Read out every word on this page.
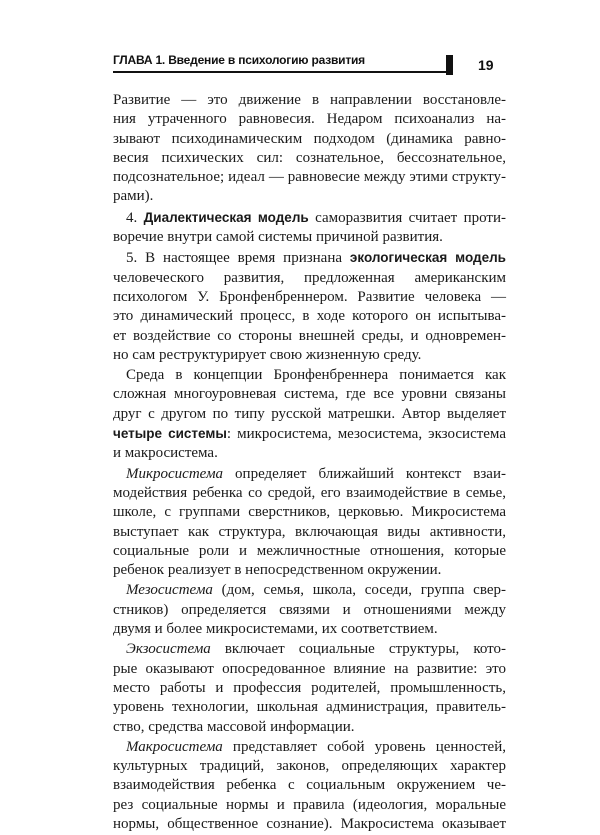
ГЛАВА 1. Введение в психологию развития	19

Развитие — это движение в направлении восстановле-
ния утраченного равновесия. Недаром психоанализ на-
зывают психодинамическим подходом (динамика равно-
весия психических сил: сознательное, бессознательное,
подсознательное; идеал — равновесие между этими структу-
рами).

4. Диалектическая модель саморазвития считает проти-
воречие внутри самой системы причиной развития.

5. В настоящее время признана экологическая модель
человеческого развития, предложенная американским
психологом У. Бронфенбреннером. Развитие человека —
это динамический процесс, в ходе которого он испытыва-
ет воздействие со стороны внешней среды, и одновремен-
но сам реструктурирует свою жизненную среду.

Среда в концепции Бронфенбреннера понимается как
сложная многоуровневая система, где все уровни связаны
друг с другом по типу русской матрешки. Автор выделяет
четыре системы: микросистема, мезосистема, экзосистема
и макросистема.

Микросистема определяет ближайший контекст взаи-
модействия ребенка со средой, его взаимодействие в семье,
школе, с группами сверстников, церковью. Микросистема
выступает как структура, включающая виды активности,
социальные роли и межличностные отношения, которые
ребенок реализует в непосредственном окружении.

Мезосистема (дом, семья, школа, соседи, группа свер-
стников) определяется связями и отношениями между
двумя и более микросистемами, их соответствием.

Экзосистема включает социальные структуры, кото-
рые оказывают опосредованное влияние на развитие: это
место работы и профессия родителей, промышленность,
уровень технологии, школьная администрация, правитель-
ство, средства массовой информации.

Макросистема представляет собой уровень ценностей,
культурных традиций, законов, определяющих характер
взаимодействия ребенка с социальным окружением че-
рез социальные нормы и правила (идеология, моральные
нормы, общественное сознание). Макросистема оказывает
